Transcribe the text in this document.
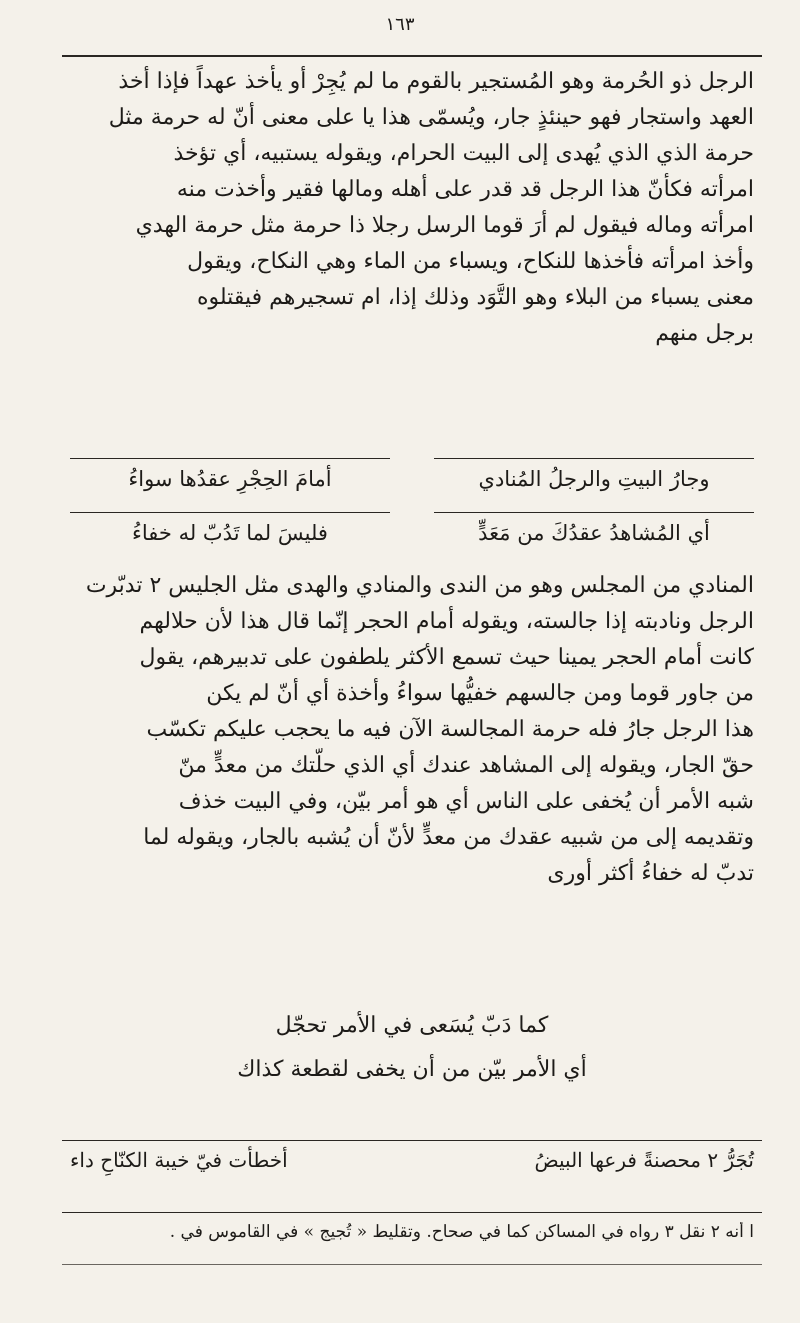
١٦٣
الرجل ذو الحُرمة وهو المُستجير بالقوم ما لم يُجِرْ أو يأخذ عهداً فإذا أخذ
العهد واستجار فهو حينئذٍ جار، ويُسمّى هذا يا على معنى أنّ له حرمة مثل
حرمة الذي الذي يُهدى إلى البيت الحرام، ويقوله يستبيه، أي تؤخذ
امرأته فكأنّ هذا الرجل قد قدر على أهله ومالها فقير وأخذت منه
امرأته وماله فيقول لم أرَ قوما الرسل رجلا ذا حرمة مثل حرمة الهدي
وأخذ امرأته فأخذها للنكاح، ويسباء من الماء وهي النكاح، ويقول
معنى يسباء من البلاء وهو التَّوَد وذلك إذا، ام تسجيرهم فيقتلوه
برجل منهم
وجارُ البيتِ والرجلُ المُنادي
أمامَ الحِجْرِ عقدُها سواءُ
أي المُشاهدُ عقدُكَ من مَعَدٍّ
فليسَ لما تَدُبّ له خفاءُ
المنادي من المجلس وهو من الندى والمنادي والهدى مثل الجليس ٢ تدبّرت
الرجل ونادبته إذا جالسته، ويقوله أمام الحجر إنّما قال هذا لأن حلالهم
كانت أمام الحجر يمينا حيث تسمع الأكثر يلطفون على تدبيرهم، يقول
من جاور قوما ومن جالسهم خفيُّها سواءُ وأخذة أي أنّ لم يكن
هذا الرجل جارُ فله حرمة المجالسة الآن فيه ما يحجب عليكم تكسّب
حقّ الجار، ويقوله إلى المشاهد عندك أي الذي حلّتك من معدٍّ منّ
شبه الأمر أن يُخفى على الناس أي هو أمر بيّن، وفي البيت خذف
وتقديمه إلى من شبيه عقدك من معدٍّ لأنّ أن يُشبه بالجار، ويقوله لما
تدبّ له خفاءُ أكثر أورى
كما دَبّ يُسَعى في الأمر تحجّل
أي الأمر بيّن من أن يخفى لقطعة كذاك
تُجَرُّ ٢ محصنةً فرعها البيضُ
أخطأت فيّ خيبة الكنّاحِ داء
ا أنه ٢ نقل ٣ رواه في المساكن كما في صحاح. وتقليط « تُجيج » في القاموس في .
